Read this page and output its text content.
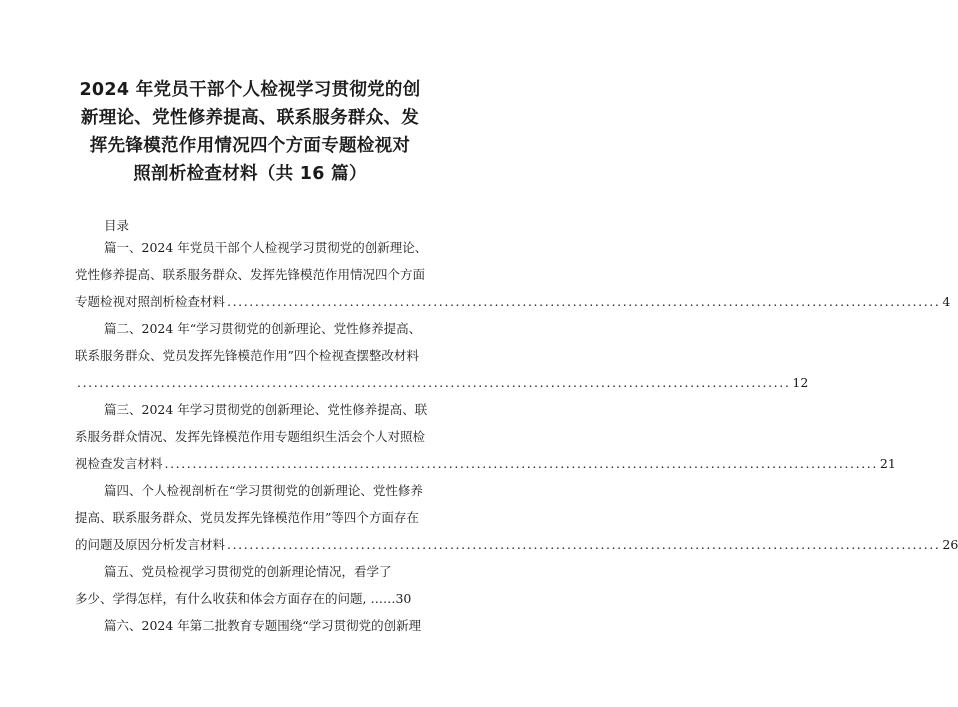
2024 年党员干部个人检视学习贯彻党的创
新理论、党性修养提高、联系服务群众、发
挥先锋模范作用情况四个方面专题检视对
照剖析检查材料（共 16 篇）
目录
篇一、2024 年党员干部个人检视学习贯彻党的创新理论、
党性修养提高、联系服务群众、发挥先锋模范作用情况四个方面
专题检视对照剖析检查材料 ................................................................................................................................ 4
篇二、2024 年“学习贯彻党的创新理论、党性修养提高、
联系服务群众、党员发挥先锋模范作用”四个检视查摆整改材料
................................................................................................................................ 12
篇三、2024 年学习贯彻党的创新理论、党性修养提高、联
系服务群众情况、发挥先锋模范作用专题组织生活会个人对照检
视检查发言材料 ................................................................................................................................ 21
篇四、个人检视剖析在“学习贯彻党的创新理论、党性修养
提高、联系服务群众、党员发挥先锋模范作用”等四个方面存在
的问题及原因分析发言材料 ................................................................................................................................ 26
篇五、党员检视学习贯彻党的创新理论情况，看学了
多少、学得怎样，有什么收获和体会方面存在的问题, ……30
篇六、2024 年第二批教育专题围绕“学习贯彻党的创新理
